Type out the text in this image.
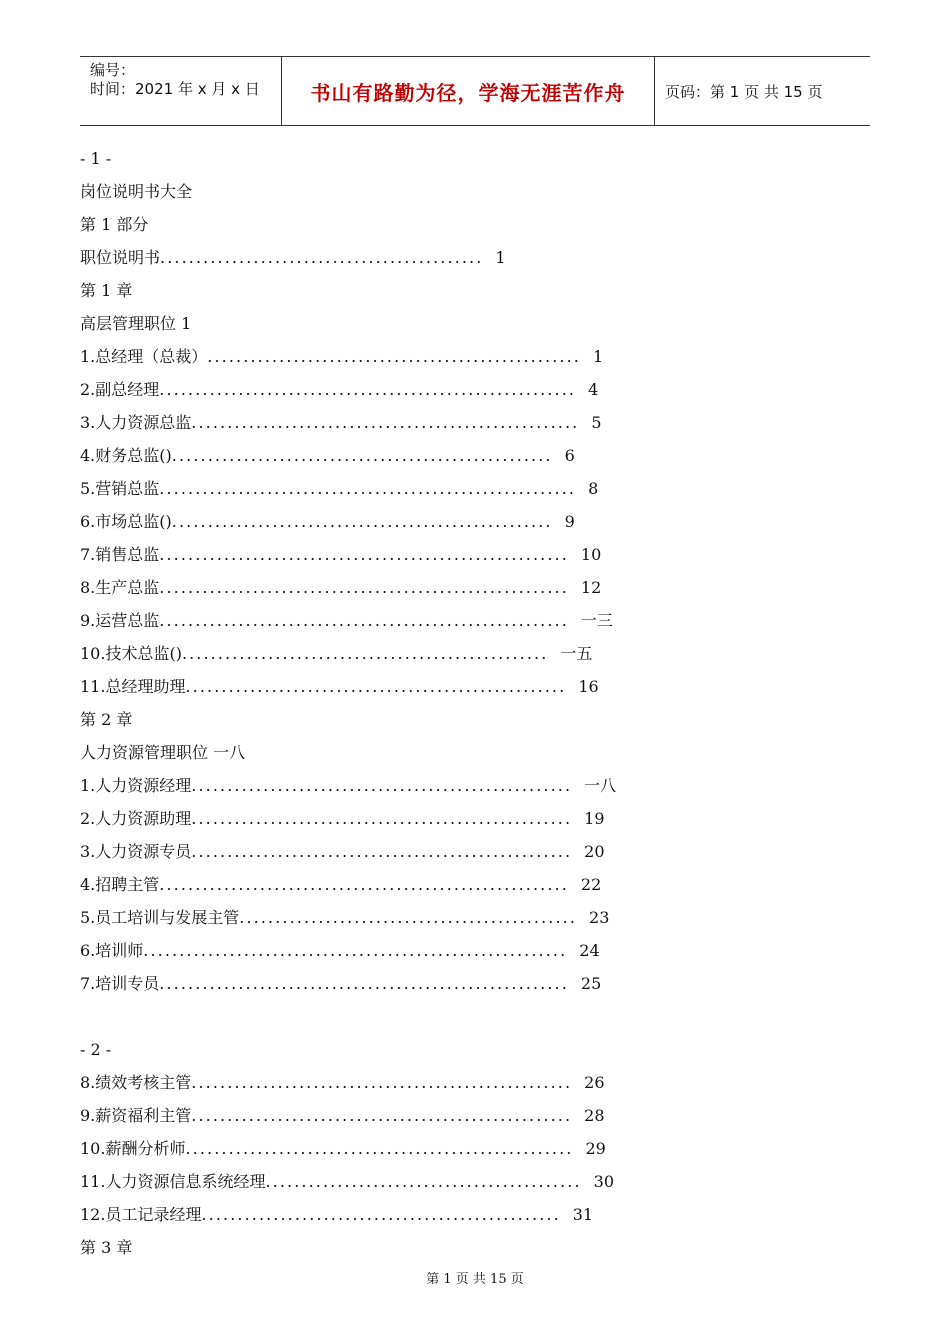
编号：
时间：2021 年 x 月 x 日	书山有路勤为径，学海无涯苦作舟	页码：第 1 页 共 15 页
- 1 -
岗位说明书大全
第 1 部分
职位说明书 ............................................. 1
第 1 章
高层管理职位 1
1.总经理（总裁） .................................................... 1
2.副总经理 .......................................................... 4
3.人力资源总监 ...................................................... 5
4.财务总监() ..................................................... 6
5.营销总监 .......................................................... 8
6.市场总监() ..................................................... 9
7.销售总监 ......................................................... 10
8.生产总监 ......................................................... 12
9.运营总监 ......................................................... 一三
10.技术总监() ................................................... 一五
11.总经理助理 ..................................................... 16
第 2 章
人力资源管理职位 一八
1.人力资源经理 ..................................................... 一八
2.人力资源助理 ..................................................... 19
3.人力资源专员 ..................................................... 20
4.招聘主管 ......................................................... 22
5.员工培训与发展主管 ............................................... 23
6.培训师 ........................................................... 24
7.培训专员 ......................................................... 25
- 2 -
8.绩效考核主管 ..................................................... 26
9.薪资福利主管 ..................................................... 28
10.薪酬分析师 ...................................................... 29
11.人力资源信息系统经理 ............................................ 30
12.员工记录经理 .................................................. 31
第 3 章
第 1 页 共 15 页
